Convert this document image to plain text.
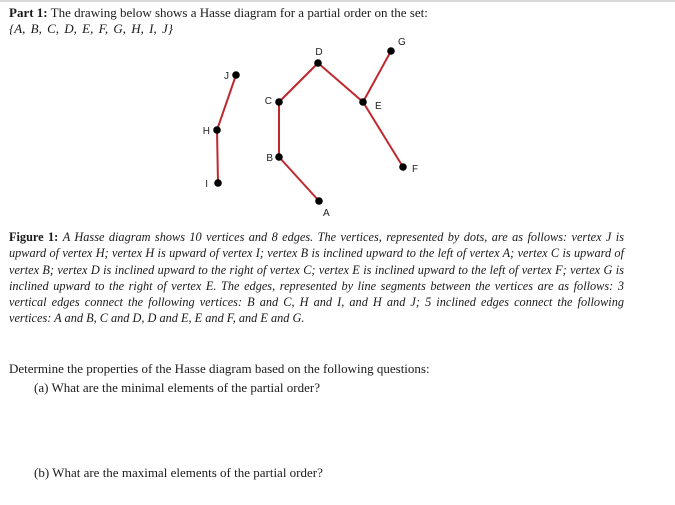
Part 1: The drawing below shows a Hasse diagram for a partial order on the set:
{A, B, C, D, E, F, G, H, I, J}
A
B
C
D
E
F
G
H
I
J
Figure 1: A Hasse diagram shows 10 vertices and 8 edges. The vertices, represented by dots, are as follows: vertex J is upward of vertex H; vertex H is upward of vertex I; vertex B is inclined upward to the left of vertex A; vertex C is upward of vertex B; vertex D is inclined upward to the right of vertex C; vertex E is inclined upward to the left of vertex F; vertex G is inclined upward to the right of vertex E. The edges, represented by line segments between the vertices are as follows: 3 vertical edges connect the following vertices: B and C, H and I, and H and J; 5 inclined edges connect the following vertices: A and B, C and D, D and E, E and F, and E and G.
Determine the properties of the Hasse diagram based on the following questions:
(a) What are the minimal elements of the partial order?
(b) What are the maximal elements of the partial order?
